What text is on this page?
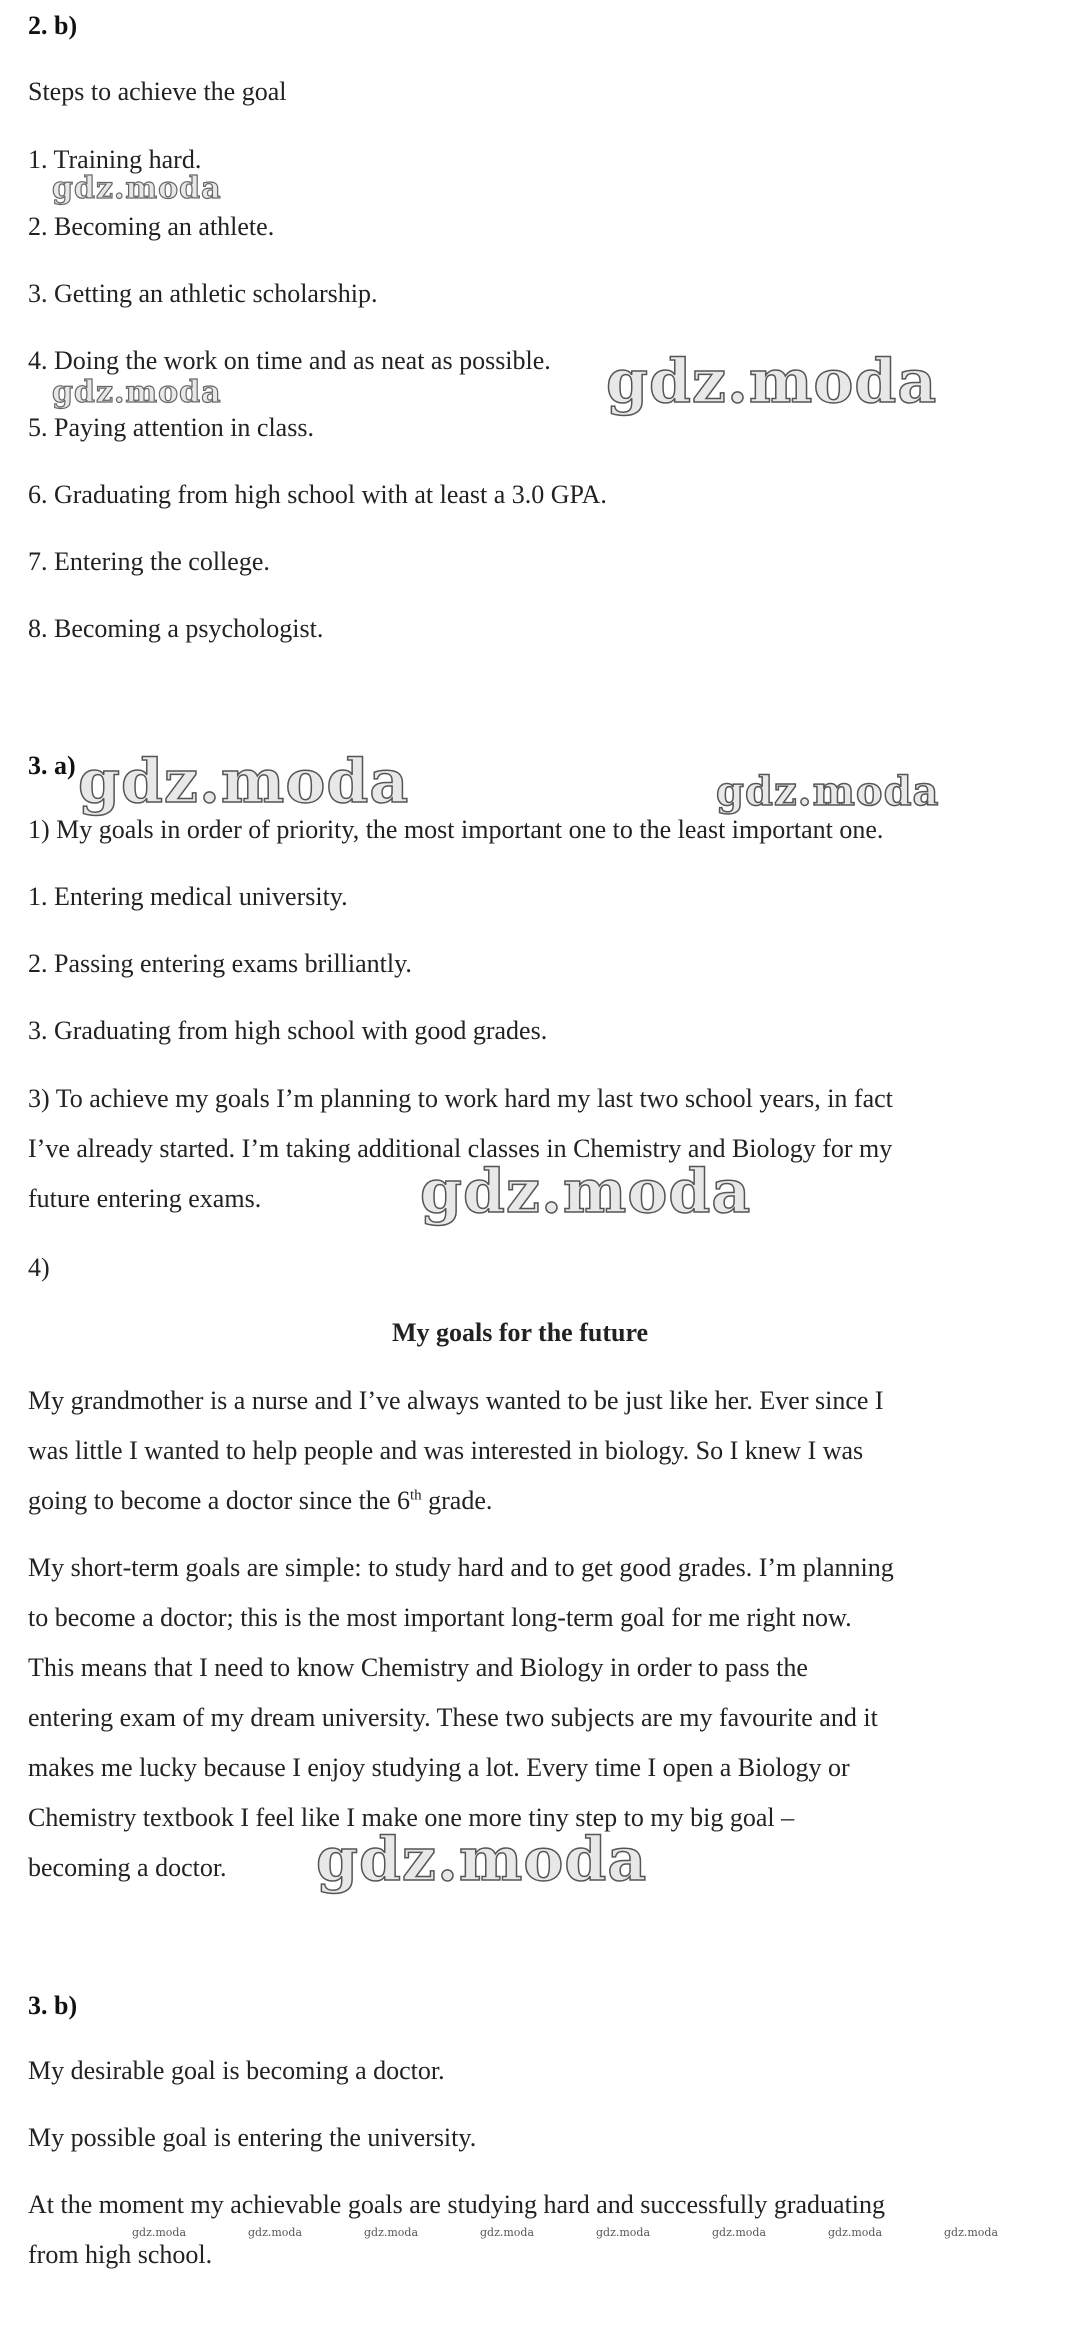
2. b)
Steps to achieve the goal
1. Training hard.
2. Becoming an athlete.
3. Getting an athletic scholarship.
4. Doing the work on time and as neat as possible.
5. Paying attention in class.
6. Graduating from high school with at least a 3.0 GPA.
7. Entering the college.
8. Becoming a psychologist.
3. a)
1) My goals in order of priority, the most important one to the least important one.
1. Entering medical university.
2. Passing entering exams brilliantly.
3. Graduating from high school with good grades.
3) To achieve my goals I’m planning to work hard my last two school years, in fact
I’ve already started. I’m taking additional classes in Chemistry and Biology for my
future entering exams.
4)
My goals for the future
My grandmother is a nurse and I’ve always wanted to be just like her. Ever since I
was little I wanted to help people and was interested in biology. So I knew I was
going to become a doctor since the 6th grade.
My short-term goals are simple: to study hard and to get good grades. I’m planning
to become a doctor; this is the most important long-term goal for me right now.
This means that I need to know Chemistry and Biology in order to pass the
entering exam of my dream university. These two subjects are my favourite and it
makes me lucky because I enjoy studying a lot. Every time I open a Biology or
Chemistry textbook I feel like I make one more tiny step to my big goal –
becoming a doctor.
3. b)
My desirable goal is becoming a doctor.
My possible goal is entering the university.
At the moment my achievable goals are studying hard and successfully graduating
from high school.
gdz.moda
gdz.moda
gdz.moda
gdz.moda	gdz.moda
gdz.moda
gdz.moda
gdz.moda	gdz.moda	gdz.moda	gdz.moda	gdz.moda	gdz.moda	gdz.moda	gdz.moda
